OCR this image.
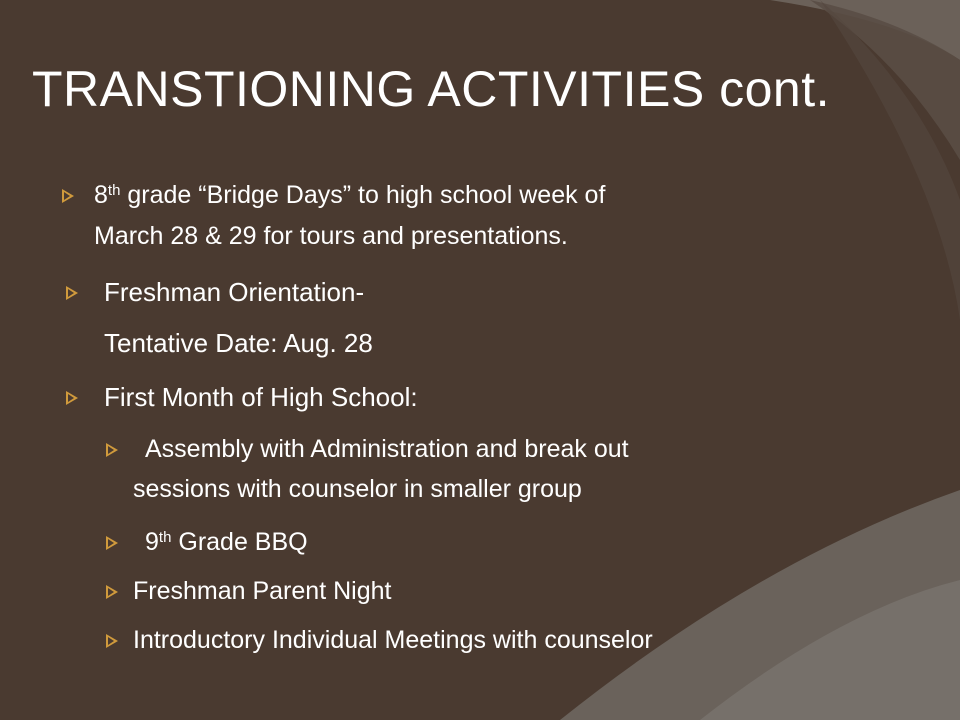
TRANSTIONING ACTIVITIES cont.
8th grade “Bridge Days” to high school week of
March 28 & 29 for tours and presentations.
Freshman Orientation-
Tentative Date: Aug. 28
First Month of High School:
Assembly with Administration and break out
sessions with counselor in smaller group
9th Grade BBQ
Freshman Parent Night
Introductory Individual Meetings with counselor
